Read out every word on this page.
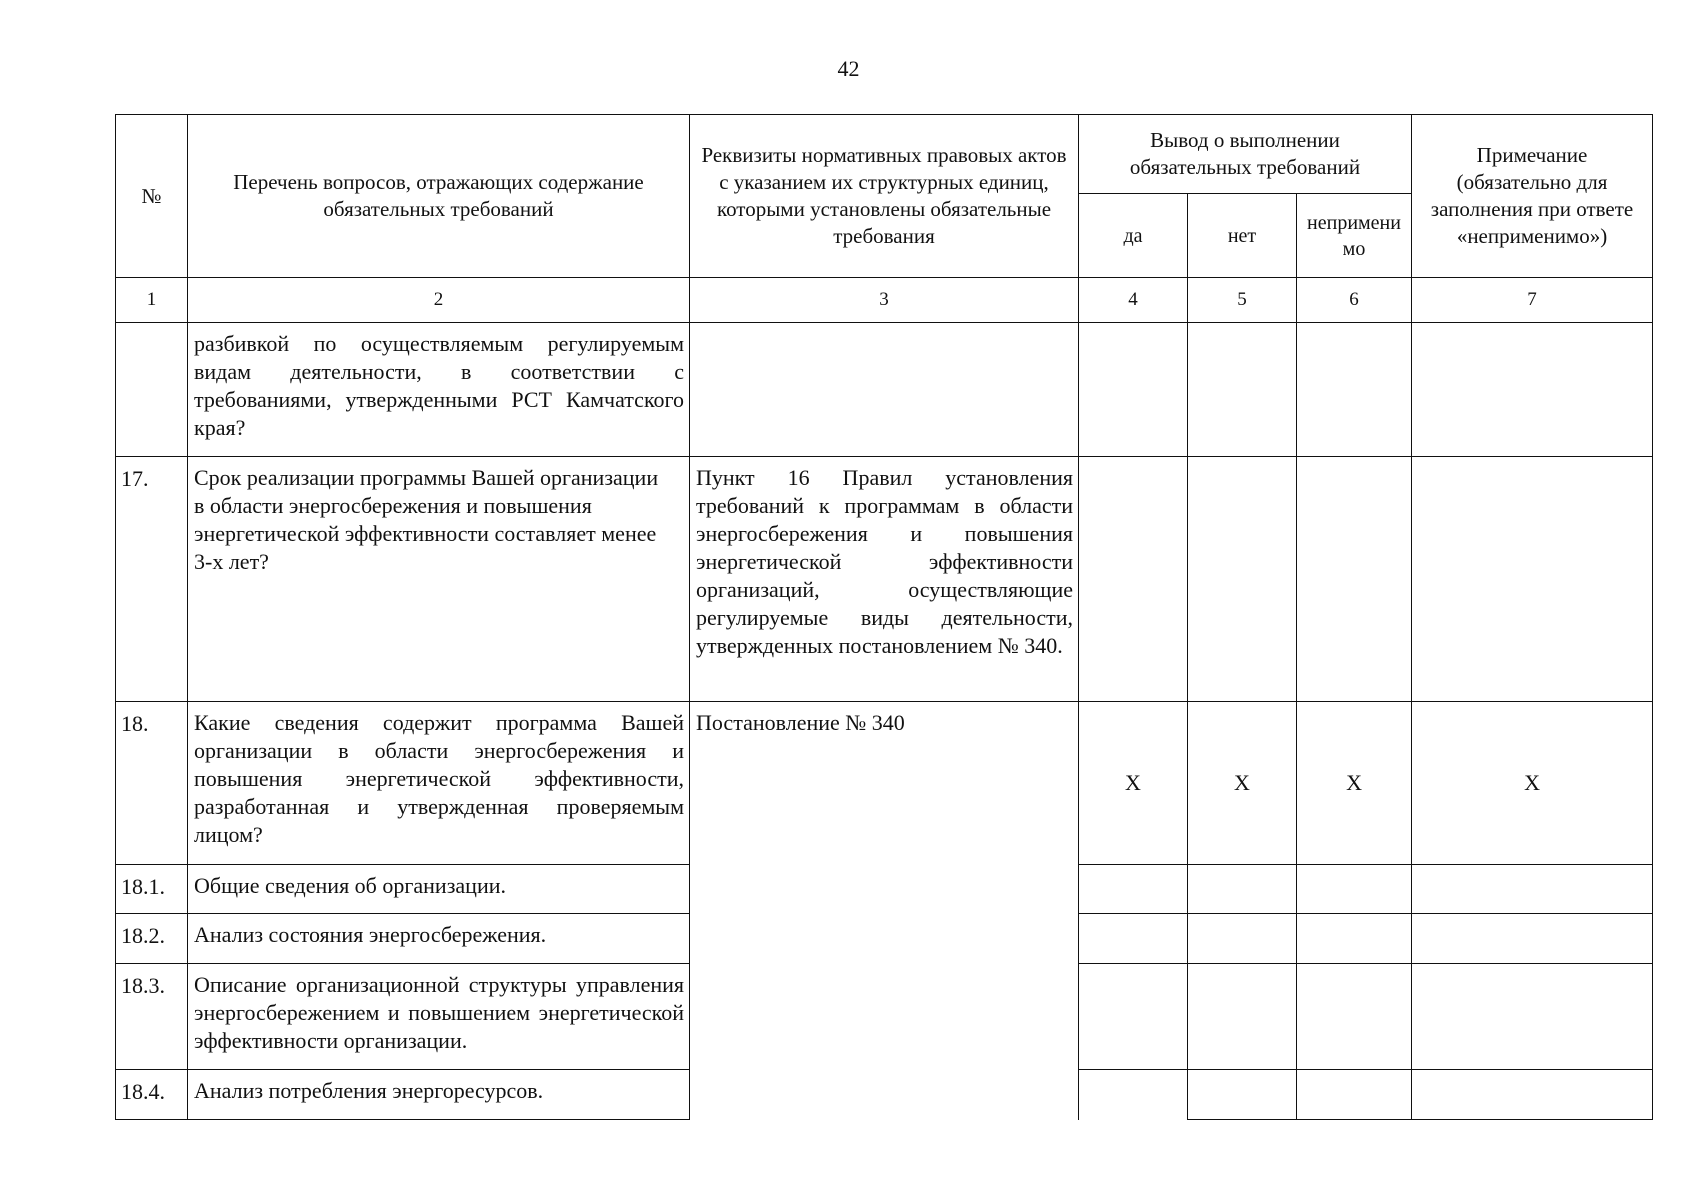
42
№	Перечень вопросов, отражающих содержание обязательных требований	Реквизиты нормативных правовых актов с указанием их структурных единиц, которыми установлены обязательные требования	Вывод о выполнении обязательных требований			Примечание (обязательно для заполнения при ответе «неприменимо»)	
			да	нет	неприменимо		
1	2	3	4	5	6	7	
	разбивкой по осуществляемым регулируемым видам деятельности, в соответствии с требованиями, утвержденными РСТ Камчатского края?						
17.	Срок реализации программы Вашей организации в области энергосбережения и повышения энергетической эффективности составляет менее 3-х лет?	Пункт 16 Правил установления требований к программам в области энергосбережения и повышения энергетической эффективности организаций, осуществляющие регулируемые виды деятельности, утвержденных постановлением № 340.					
18.	Какие сведения содержит программа Вашей организации в области энергосбережения и повышения энергетической эффективности, разработанная и утвержденная проверяемым лицом?	Постановление № 340	X	X	X	X	
18.1.	Общие сведения об организации.						
18.2.	Анализ состояния энергосбережения.						
18.3.	Описание организационной структуры управления энергосбережением и повышением энергетической эффективности организации.						
18.4.	Анализ потребления энергоресурсов.						
